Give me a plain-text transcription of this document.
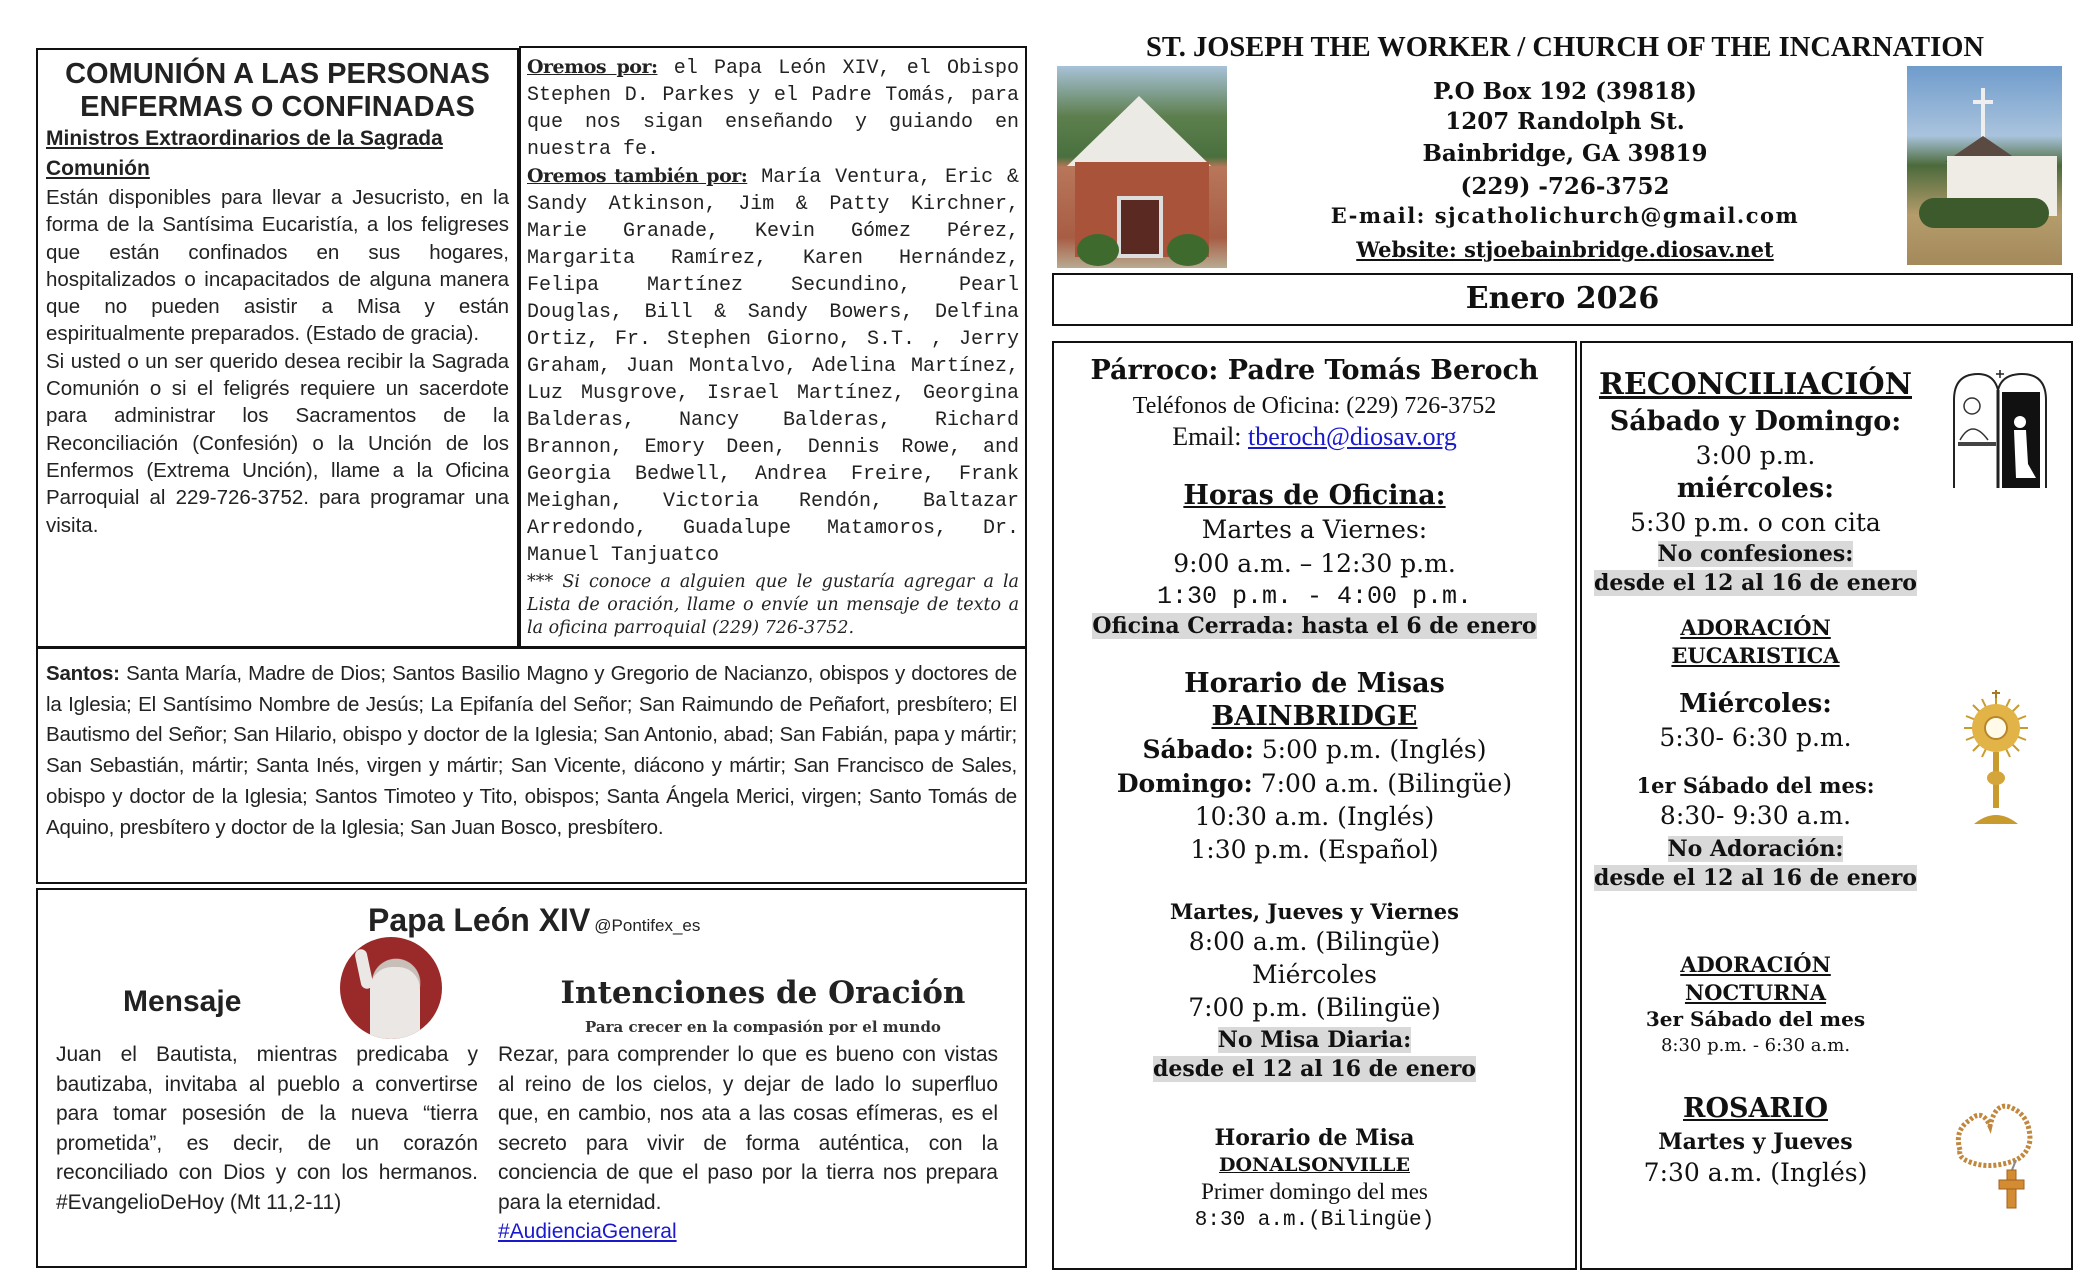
COMUNIÓN A LAS PERSONAS
ENFERMAS O CONFINADAS
Ministros Extraordinarios de la Sagrada Comunión
Están disponibles para llevar a Jesucristo, en la forma de la Santísima Eucaristía, a los feligreses que están confinados en sus hogares, hospitalizados o incapacitados de alguna manera que no pueden asistir a Misa y están espiritualmente preparados. (Estado de gracia).
Si usted o un ser querido desea recibir la Sagrada Comunión o si el feligrés requiere un sacerdote para administrar los Sacramentos de la Reconciliación (Confesión) o la Unción de los Enfermos (Extrema Unción), llame a la Oficina Parroquial al 229-726-3752. para programar una visita.
Oremos por: el Papa León XIV, el Obispo Stephen D. Parkes y el Padre Tomás, para que nos sigan enseñando y guiando en nuestra fe.
Oremos también por: María Ventura, Eric & Sandy Atkinson, Jim & Patty Kirchner, Marie Granade, Kevin Gómez Pérez, Margarita Ramírez, Karen Hernández, Felipa Martínez Secundino, Pearl Douglas, Bill & Sandy Bowers, Delfina Ortiz, Fr. Stephen Giorno, S.T. , Jerry Graham, Juan Montalvo, Adelina Martínez, Luz Musgrove, Israel Martínez, Georgina Balderas, Nancy Balderas, Richard Brannon, Emory Deen, Dennis Rowe, and Georgia Bedwell, Andrea Freire, Frank Meighan, Victoria Rendón, Baltazar Arredondo, Guadalupe Matamoros, Dr. Manuel Tanjuatco
*** Si conoce a alguien que le gustaría agregar a la Lista de oración, llame o envíe un mensaje de texto a la oficina parroquial (229) 726-3752.
Santos: Santa María, Madre de Dios; Santos Basilio Magno y Gregorio de Nacianzo, obispos y doctores de la Iglesia; El Santísimo Nombre de Jesús; La Epifanía del Señor; San Raimundo de Peñafort, presbítero; El Bautismo del Señor; San Hilario, obispo y doctor de la Iglesia; San Antonio, abad; San Fabián, papa y mártir; San Sebastián, mártir; Santa Inés, virgen y mártir; San Vicente, diácono y mártir; San Francisco de Sales, obispo y doctor de la Iglesia; Santos Timoteo y Tito, obispos; Santa Ángela Merici, virgen; Santo Tomás de Aquino, presbítero y doctor de la Iglesia; San Juan Bosco, presbítero.
Papa León XIV @Pontifex_es
Mensaje	Intenciones de Oración
Para crecer en la compasión por el mundo
Juan el Bautista, mientras predicaba y bautizaba, invitaba al pueblo a convertirse para tomar posesión de la nueva “tierra prometida”, es decir, de un corazón reconciliado con Dios y con los hermanos. #EvangelioDeHoy (Mt 11,2-11)
Rezar, para comprender lo que es bueno con vistas al reino de los cielos, y dejar de lado lo superfluo que, en cambio, nos ata a las cosas efímeras, es el secreto para vivir de forma auténtica, con la conciencia de que el paso por la tierra nos prepara para la eternidad.
#AudienciaGeneral
ST. JOSEPH THE WORKER / CHURCH OF THE INCARNATION
P.O Box 192 (39818)
1207 Randolph St.
Bainbridge, GA 39819
(229) -726-3752
E-mail: sjcatholichurch@gmail.com
Website: stjoebainbridge.diosav.net
Enero 2026
Párroco: Padre Tomás Beroch
Teléfonos de Oficina: (229) 726-3752
Email: tberoch@diosav.org
Horas de Oficina:
Martes a Viernes:
9:00 a.m. – 12:30 p.m.
1:30 p.m. - 4:00 p.m.
Oficina Cerrada: hasta el 6 de enero
Horario de Misas
BAINBRIDGE
Sábado: 5:00 p.m. (Inglés)
Domingo: 7:00 a.m. (Bilingüe)
10:30 a.m. (Inglés)
1:30 p.m. (Español)
Martes, Jueves y Viernes
8:00 a.m. (Bilingüe)
Miércoles
7:00 p.m. (Bilingüe)
No Misa Diaria:
desde el 12 al 16 de enero
Horario de Misa
DONALSONVILLE
Primer domingo del mes
8:30 a.m.(Bilingüe)
RECONCILIACIÓN
Sábado y Domingo:
3:00 p.m.
miércoles:
5:30 p.m. o con cita
No confesiones:
desde el 12 al 16 de enero
ADORACIÓN
EUCARISTICA
Miércoles:
5:30- 6:30 p.m.
1er Sábado del mes:
8:30- 9:30 a.m.
No Adoración:
desde el 12 al 16 de enero
ADORACIÓN
NOCTURNA
3er Sábado del mes
8:30 p.m. - 6:30 a.m.
ROSARIO
Martes y Jueves
7:30 a.m. (Inglés)
